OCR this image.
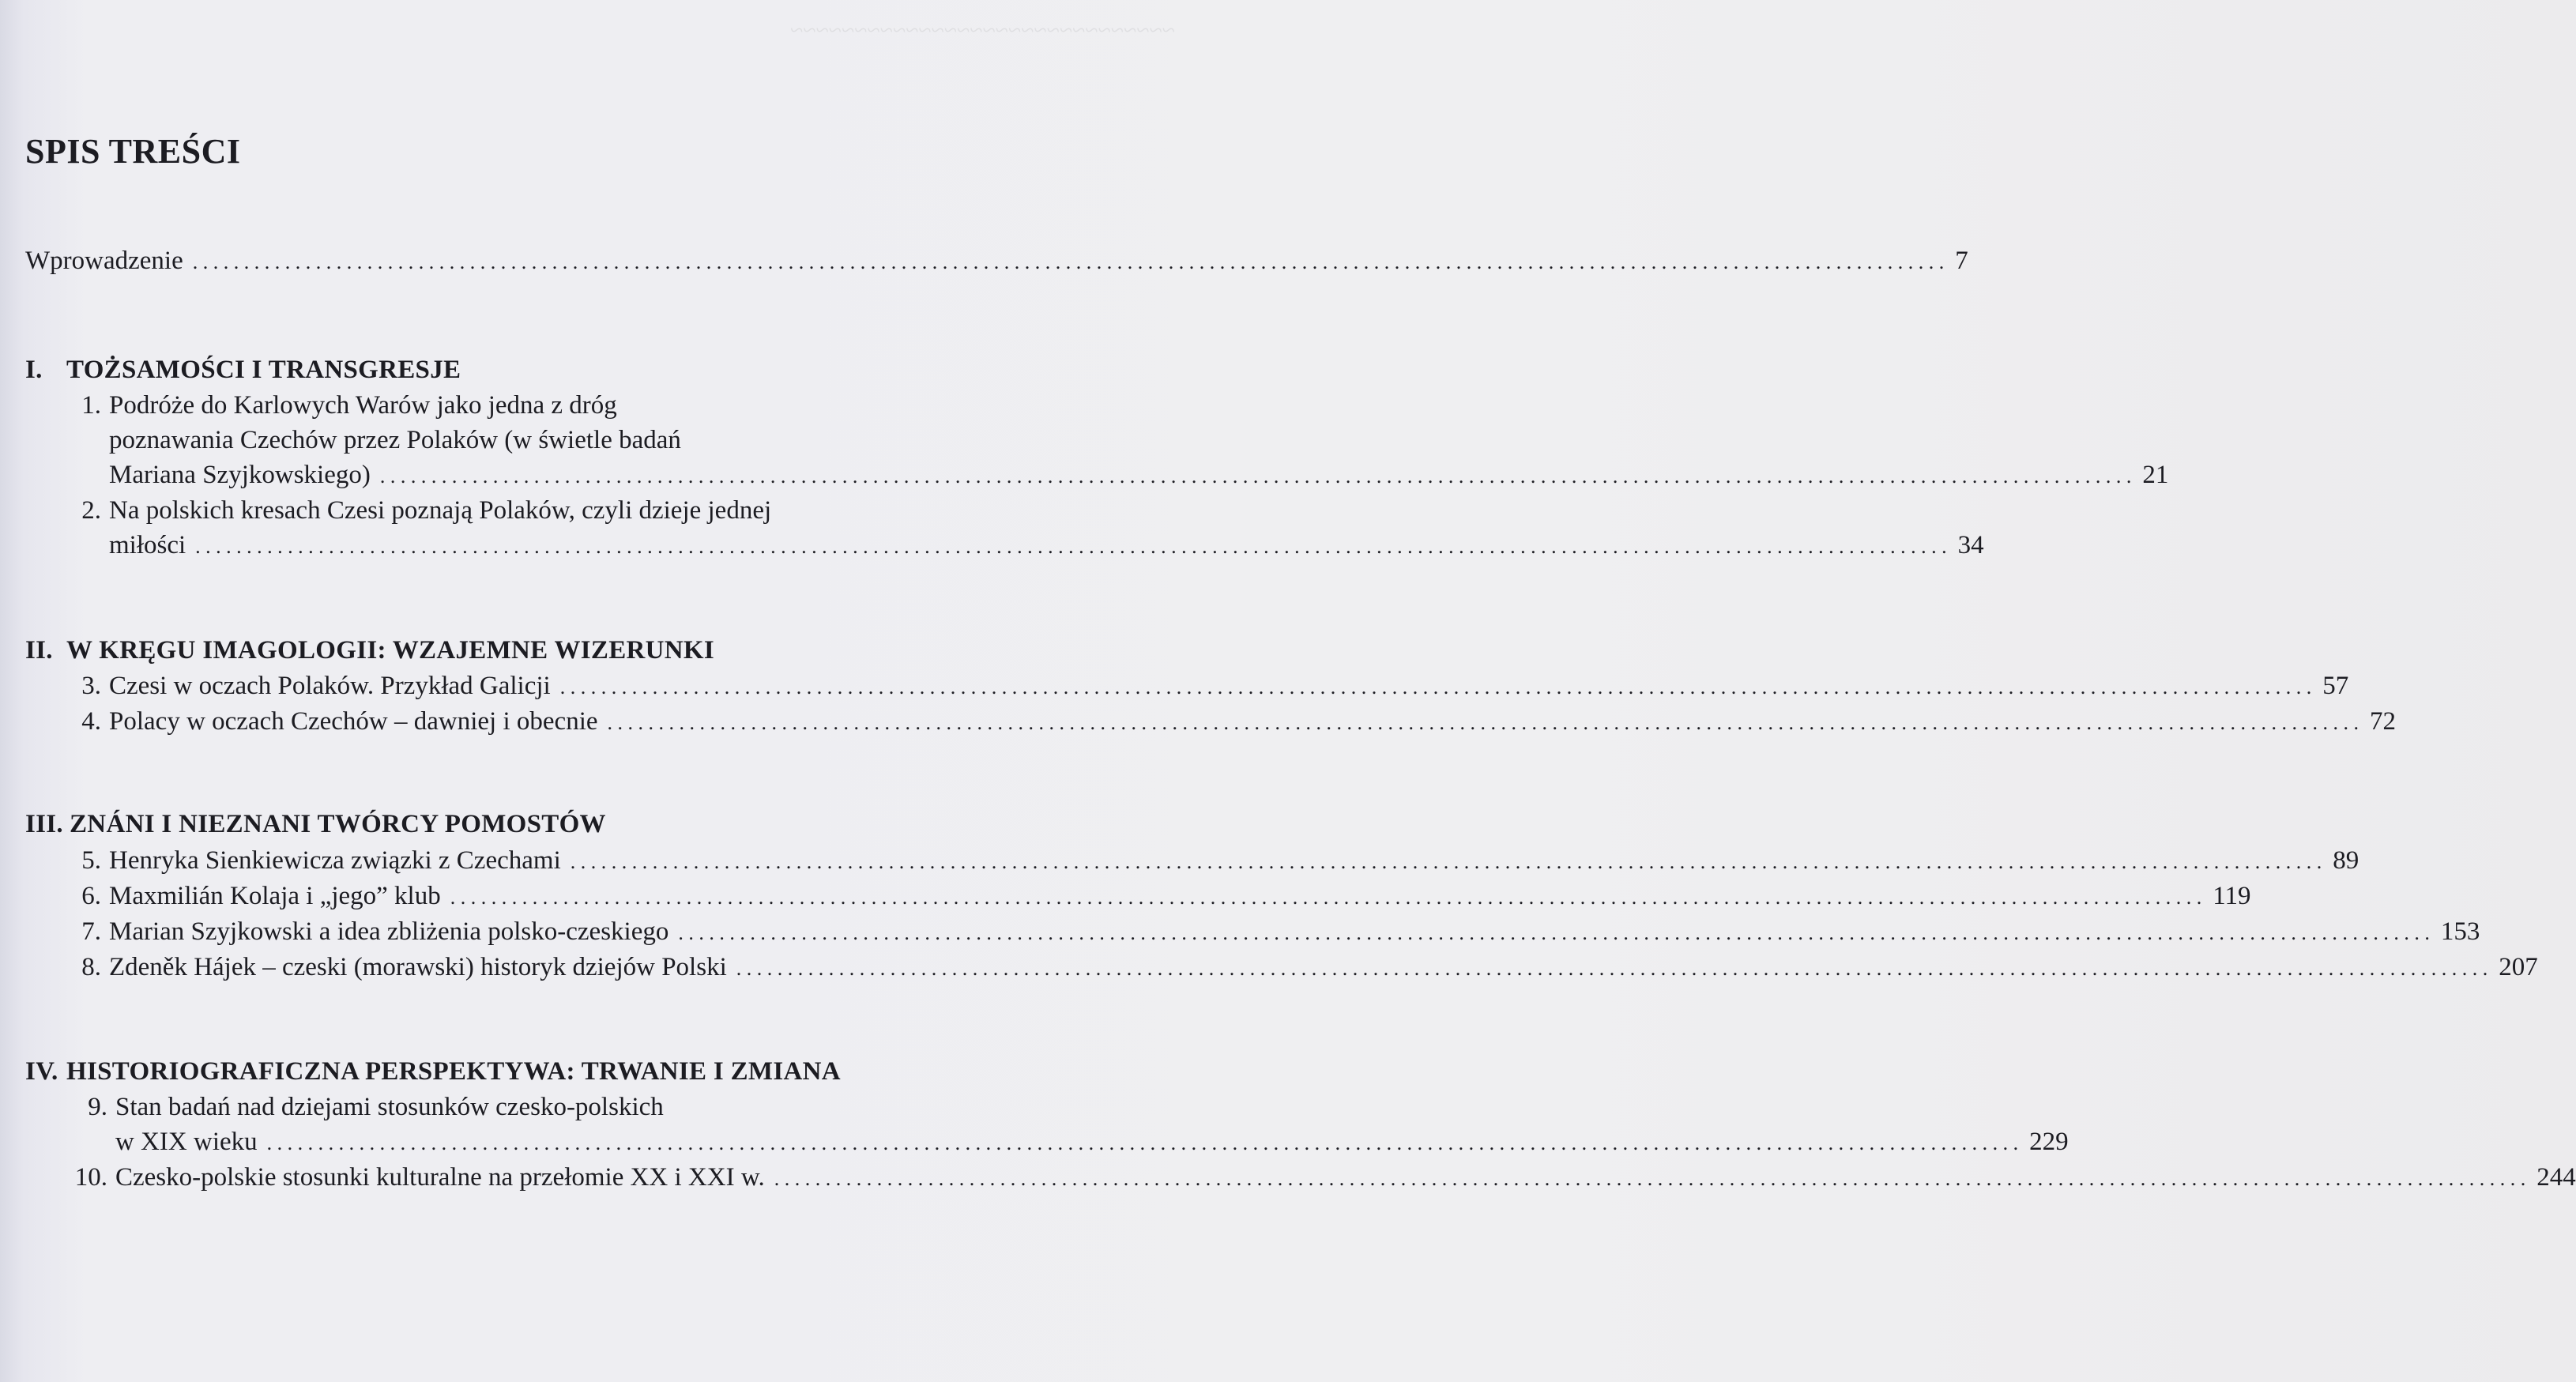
~~~~~~~~~~~~~~~~~~~~~~~~~~~~~~
SPIS TREŚCI
Wprowadzenie . . .	7
I. TOŻSAMOŚCI I TRANSGRESJE
1. Podróże do Karlowych Warów jako jedna z dróg
poznawania Czechów przez Polaków (w świetle badań
Mariana Szyjkowskiego) . . .	21
2. Na polskich kresach Czesi poznają Polaków, czyli dzieje jednej
miłości . . .	34
II. W KRĘGU IMAGOLOGII: WZAJEMNE WIZERUNKI
3. Czesi w oczach Polaków. Przykład Galicji . . .	57
4. Polacy w oczach Czechów – dawniej i obecnie . . .	72
III. ZNÁNI I NIEZNANI TWÓRCY POMOSTÓW
5. Henryka Sienkiewicza związki z Czechami . . .	89
6. Maxmilián Kolaja i „jego” klub . . .	119
7. Marian Szyjkowski a idea zbliżenia polsko-czeskiego . . .	153
8. Zdeněk Hájek – czeski (morawski) historyk dziejów Polski . . .	207
IV. HISTORIOGRAFICZNA PERSPEKTYWA: TRWANIE I ZMIANA
9. Stan badań nad dziejami stosunków czesko-polskich
w XIX wieku . . .	229
10. Czesko-polskie stosunki kulturalne na przełomie XX i XXI w. . . .	244
